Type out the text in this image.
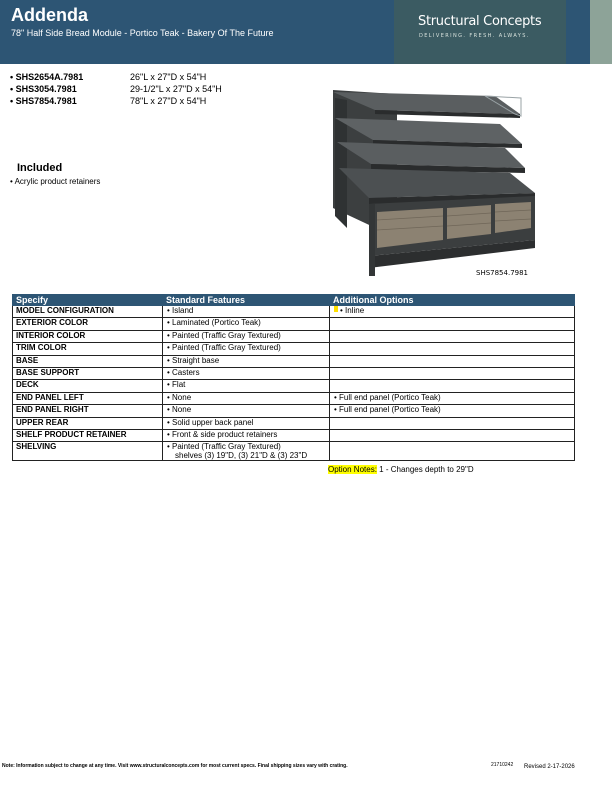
Addenda
78" Half Side Bread Module - Portico Teak - Bakery Of The Future
Structural Concepts
DELIVERING. FRESH. ALWAYS.
• SHS2654A.7981	26"L x 27"D x 54"H
• SHS3054.7981	29-1/2"L x 27"D x 54"H
• SHS7854.7981	78"L x 27"D x 54"H
Included
• Acrylic product retainers
SHS7854.7981
Specify	Standard Features	Additional Options
MODEL CONFIGURATION	• Island	• Inline
EXTERIOR COLOR	• Laminated (Portico Teak)	
INTERIOR COLOR	• Painted (Traffic Gray Textured)	
TRIM COLOR	• Painted (Traffic Gray Textured)	
BASE	• Straight base	
BASE SUPPORT	• Casters	
DECK	• Flat	
END PANEL LEFT	• None	• Full end panel (Portico Teak)
END PANEL RIGHT	• None	• Full end panel (Portico Teak)
UPPER REAR	• Solid upper back panel	
SHELF PRODUCT RETAINER	• Front & side product retainers	
SHELVING	• Painted (Traffic Gray Textured)
shelves (3) 19"D, (3) 21"D & (3) 23"D	

Option Notes: 1 - Changes depth to 29"D
Note: Information subject to change at any time. Visit www.structuralconcepts.com for most current specs. Final shipping sizes vary with crating.	21710242 Revised 2-17-2026
